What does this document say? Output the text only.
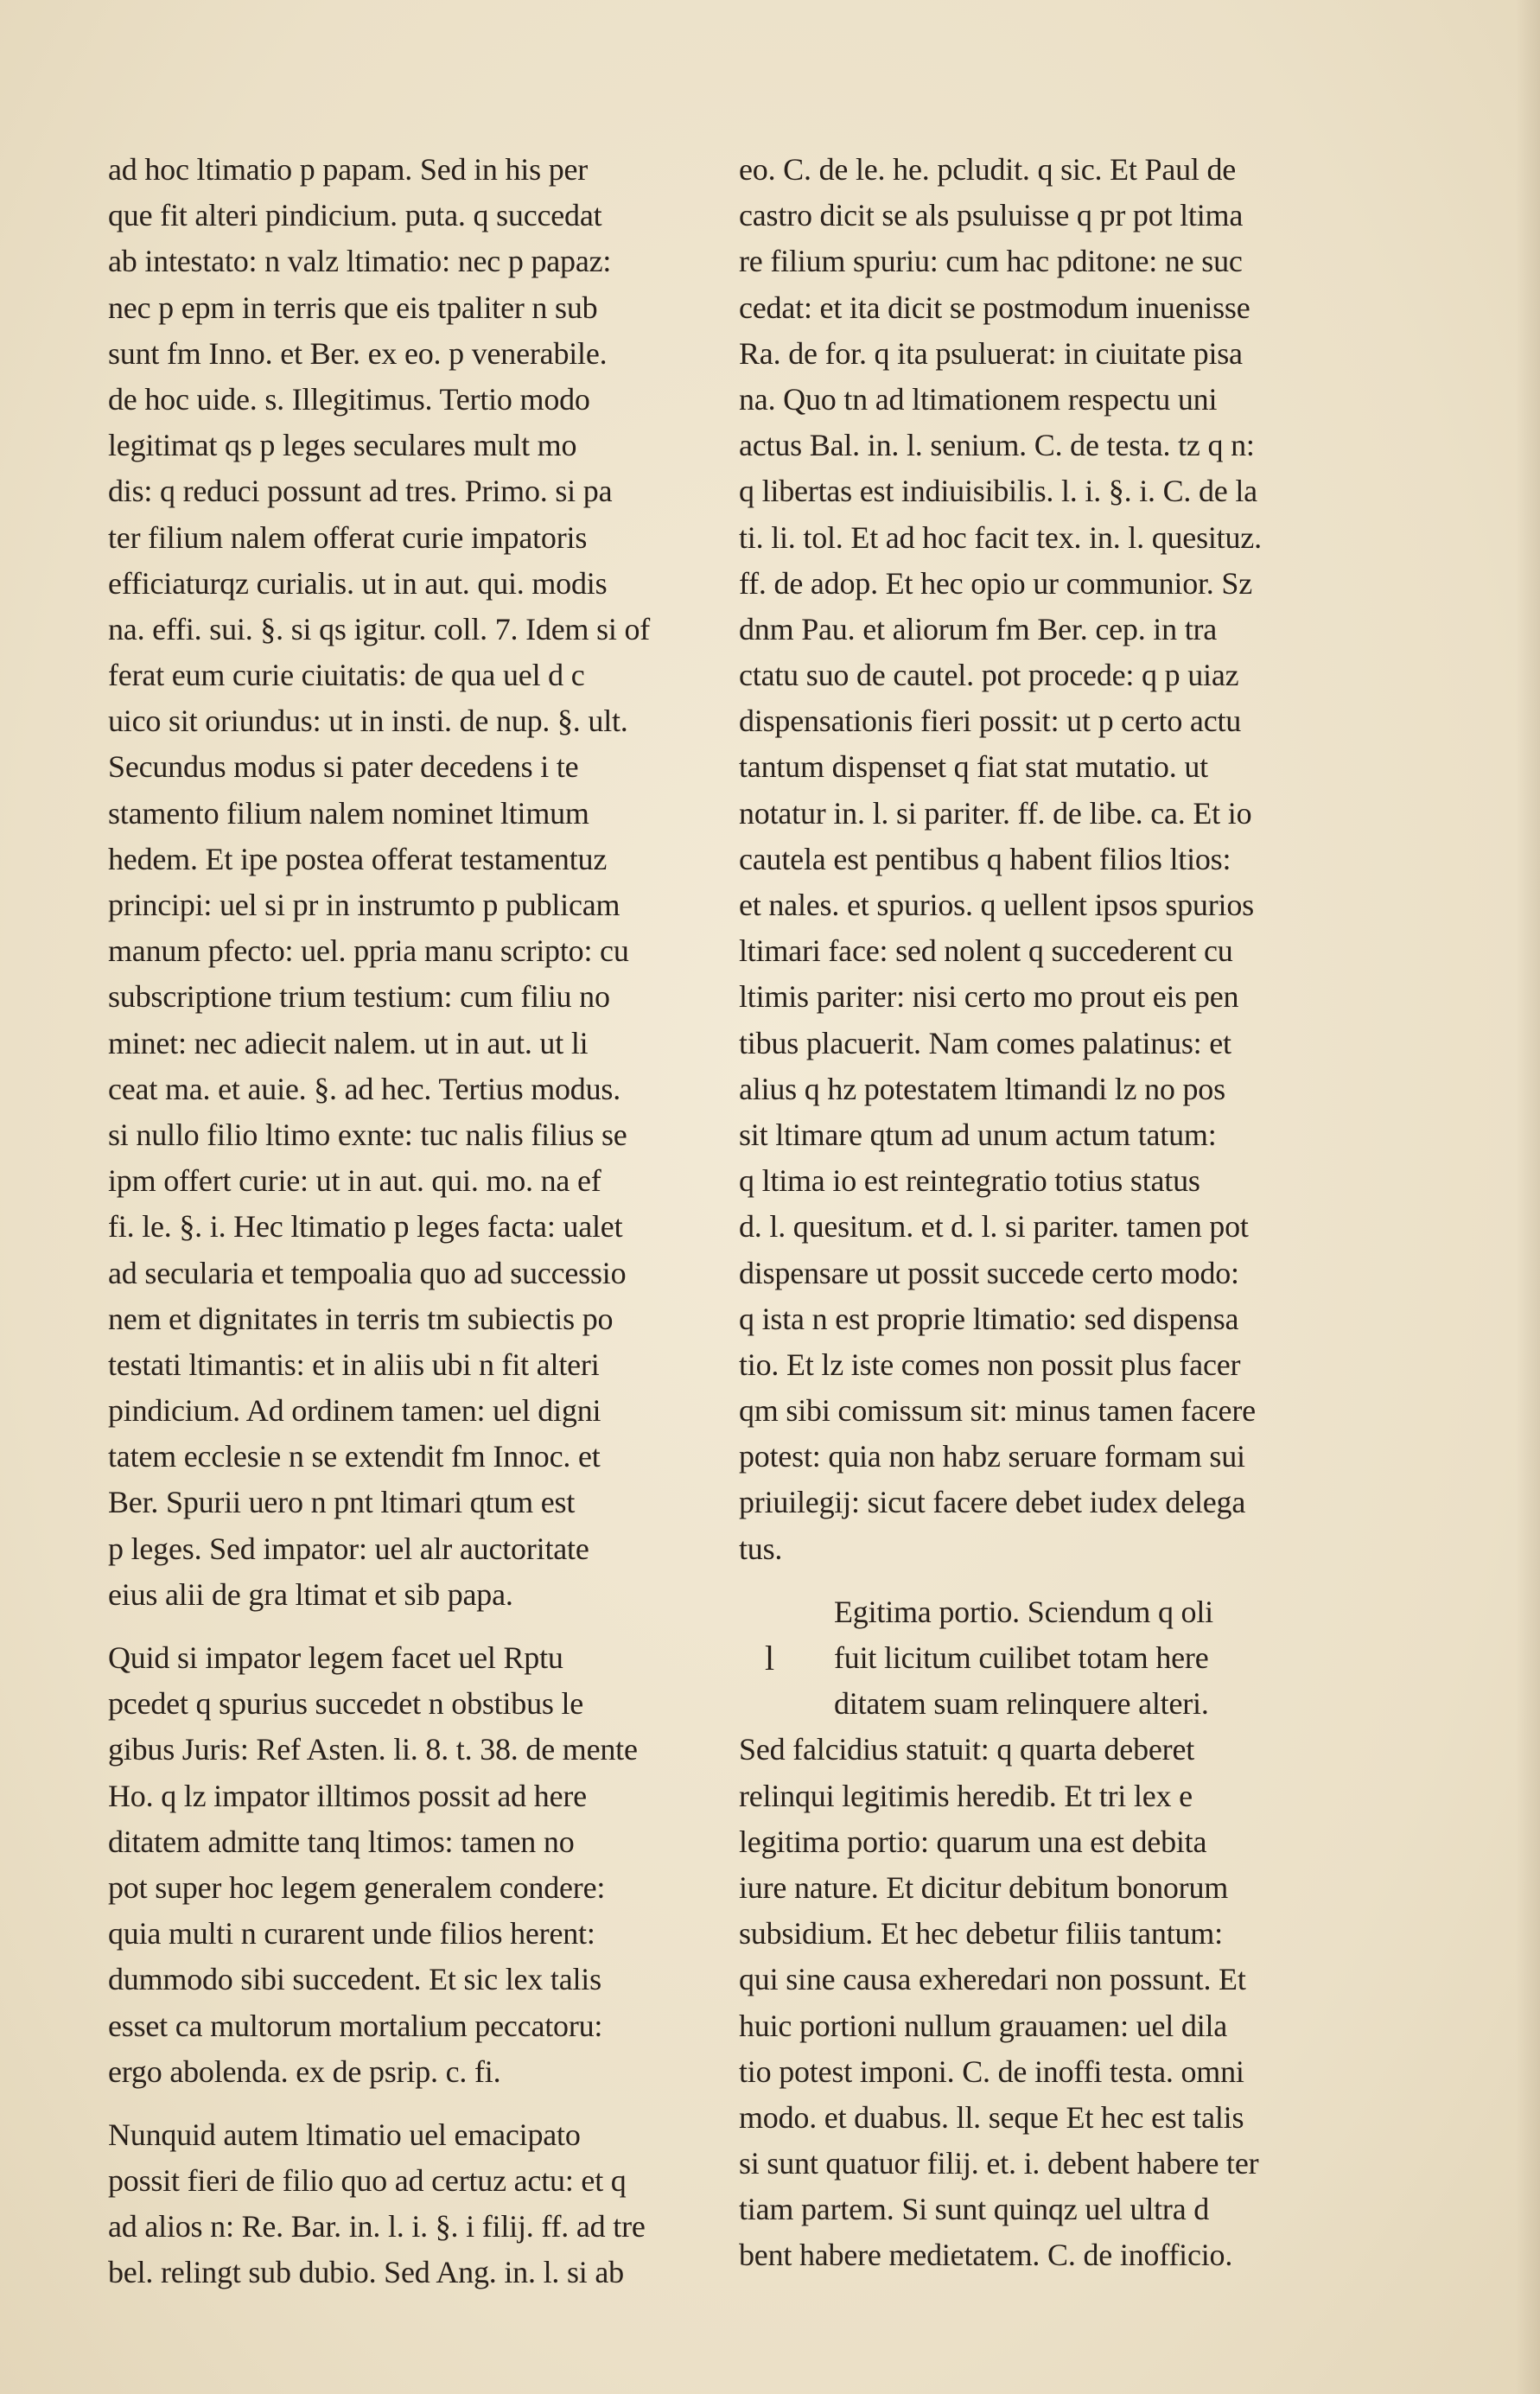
ad hoc ltimatio p papam. Sed in his per
que fit alteri pindicium. puta. q succedat
ab intestato: n valz ltimatio: nec p papaz:
nec p epm in terris que eis tpaliter n sub
sunt fm Inno. et Ber. ex eo. p venerabile.
de hoc uide. s. Illegitimus. Tertio modo
legitimat qs p leges seculares mult mo
dis: q reduci possunt ad tres. Primo. si pa
ter filium nalem offerat curie impatoris
efficiaturqz curialis. ut in aut. qui. modis
na. effi. sui. §. si qs igitur. coll. 7. Idem si of
ferat eum curie ciuitatis: de qua uel d c
uico sit oriundus: ut in insti. de nup. §. ult.
Secundus modus si pater decedens i te
stamento filium nalem nominet ltimum
hedem. Et ipe postea offerat testamentuz
principi: uel si pr in instrumto p publicam
manum pfecto: uel. ppria manu scripto: cu
subscriptione trium testium: cum filiu no
minet: nec adiecit nalem. ut in aut. ut li
ceat ma. et auie. §. ad hec. Tertius modus.
si nullo filio ltimo exnte: tuc nalis filius se
ipm offert curie: ut in aut. qui. mo. na ef
fi. le. §. i. Hec ltimatio p leges facta: ualet
ad secularia et tempoalia quo ad successio
nem et dignitates in terris tm subiectis po
testati ltimantis: et in aliis ubi n fit alteri
pindicium. Ad ordinem tamen: uel digni
tatem ecclesie n se extendit fm Innoc. et
Ber. Spurii uero n pnt ltimari qtum est
p leges. Sed impator: uel alr auctoritate
eius alii de gra ltimat et sib papa.
Quid si impator legem facet uel Rptu
pcedet q spurius succedet n obstibus le
gibus Juris: Ref Asten. li. 8. t. 38. de mente
Ho. q lz impator illtimos possit ad here
ditatem admitte tanq ltimos: tamen no
pot super hoc legem generalem condere:
quia multi n curarent unde filios herent:
dummodo sibi succedent. Et sic lex talis
esset ca multorum mortalium peccatoru:
ergo abolenda. ex de psrip. c. fi.
Nunquid autem ltimatio uel emacipato
possit fieri de filio quo ad certuz actu: et q
ad alios n: Re. Bar. in. l. i. §. i filij. ff. ad tre
bel. relingt sub dubio. Sed Ang. in. l. si ab
eo. C. de le. he. pcludit. q sic. Et Paul de
castro dicit se als psuluisse q pr pot ltima
re filium spuriu: cum hac pditone: ne suc
cedat: et ita dicit se postmodum inuenisse
Ra. de for. q ita psuluerat: in ciuitate pisa
na. Quo tn ad ltimationem respectu uni
actus Bal. in. l. senium. C. de testa. tz q n:
q libertas est indiuisibilis. l. i. §. i. C. de la
ti. li. tol. Et ad hoc facit tex. in. l. quesituz.
ff. de adop. Et hec opio ur communior. Sz
dnm Pau. et aliorum fm Ber. cep. in tra
ctatu suo de cautel. pot procede: q p uiaz
dispensationis fieri possit: ut p certo actu
tantum dispenset q fiat stat mutatio. ut
notatur in. l. si pariter. ff. de libe. ca. Et io
cautela est pentibus q habent filios ltios:
et nales. et spurios. q uellent ipsos spurios
ltimari face: sed nolent q succederent cu
ltimis pariter: nisi certo mo prout eis pen
tibus placuerit. Nam comes palatinus: et
alius q hz potestatem ltimandi lz no pos
sit ltimare qtum ad unum actum tatum:
q ltima io est reintegratio totius status
d. l. quesitum. et d. l. si pariter. tamen pot
dispensare ut possit succede certo modo:
q ista n est proprie ltimatio: sed dispensa
tio. Et lz iste comes non possit plus facer
qm sibi comissum sit: minus tamen facere
potest: quia non habz seruare formam sui
priuilegij: sicut facere debet iudex delega
tus.
l
Egitima portio. Sciendum q oli
fuit licitum cuilibet totam here
ditatem suam relinquere alteri.
Sed falcidius statuit: q quarta deberet
relinqui legitimis heredib. Et tri lex e
legitima portio: quarum una est debita
iure nature. Et dicitur debitum bonorum
subsidium. Et hec debetur filiis tantum:
qui sine causa exheredari non possunt. Et
huic portioni nullum grauamen: uel dila
tio potest imponi. C. de inoffi testa. omni
modo. et duabus. ll. seque Et hec est talis
si sunt quatuor filij. et. i. debent habere ter
tiam partem. Si sunt quinqz uel ultra d
bent habere medietatem. C. de inofficio.
